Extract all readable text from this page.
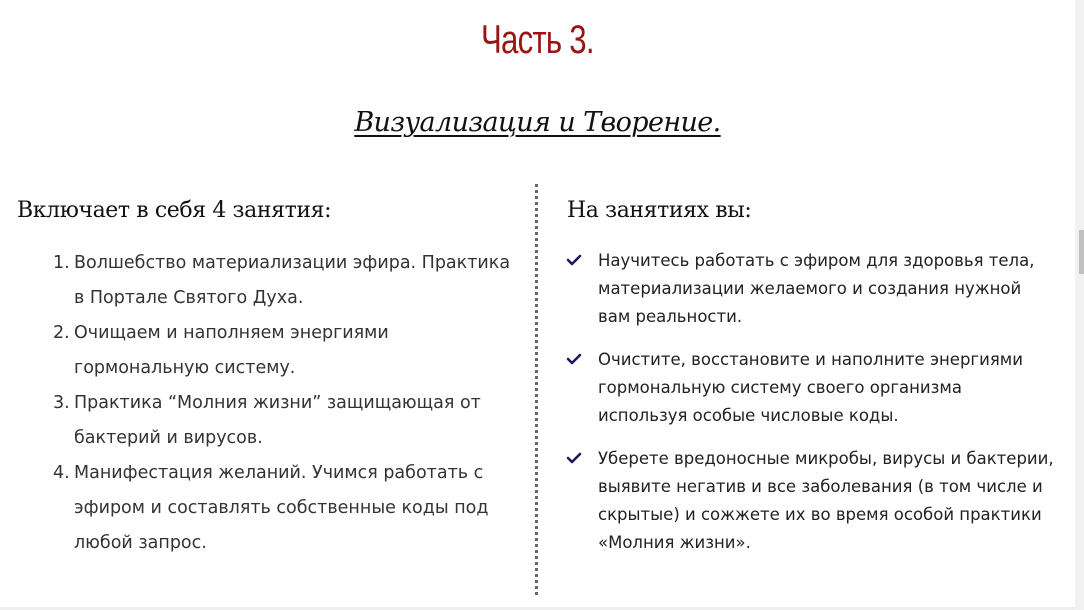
Часть 3.
Визуализация и Творение.
Включает в себя 4 занятия:
1. Волшебство материализации эфира. Практика в Портале Святого Духа.
2. Очищаем и наполняем энергиями гормональную систему.
3. Практика “Молния жизни” защищающая от бактерий и вирусов.
4. Манифестация желаний. Учимся работать с эфиром и составлять собственные коды под любой запрос.
На занятиях вы:
Научитесь работать с эфиром для здоровья тела, материализации желаемого и создания нужной вам реальности.
Очистите, восстановите и наполните энергиями гормональную систему своего организма используя особые числовые коды.
Уберете вредоносные микробы, вирусы и бактерии, выявите негатив и все заболевания (в том числе и скрытые) и сожжете их во время особой практики «Молния жизни».
